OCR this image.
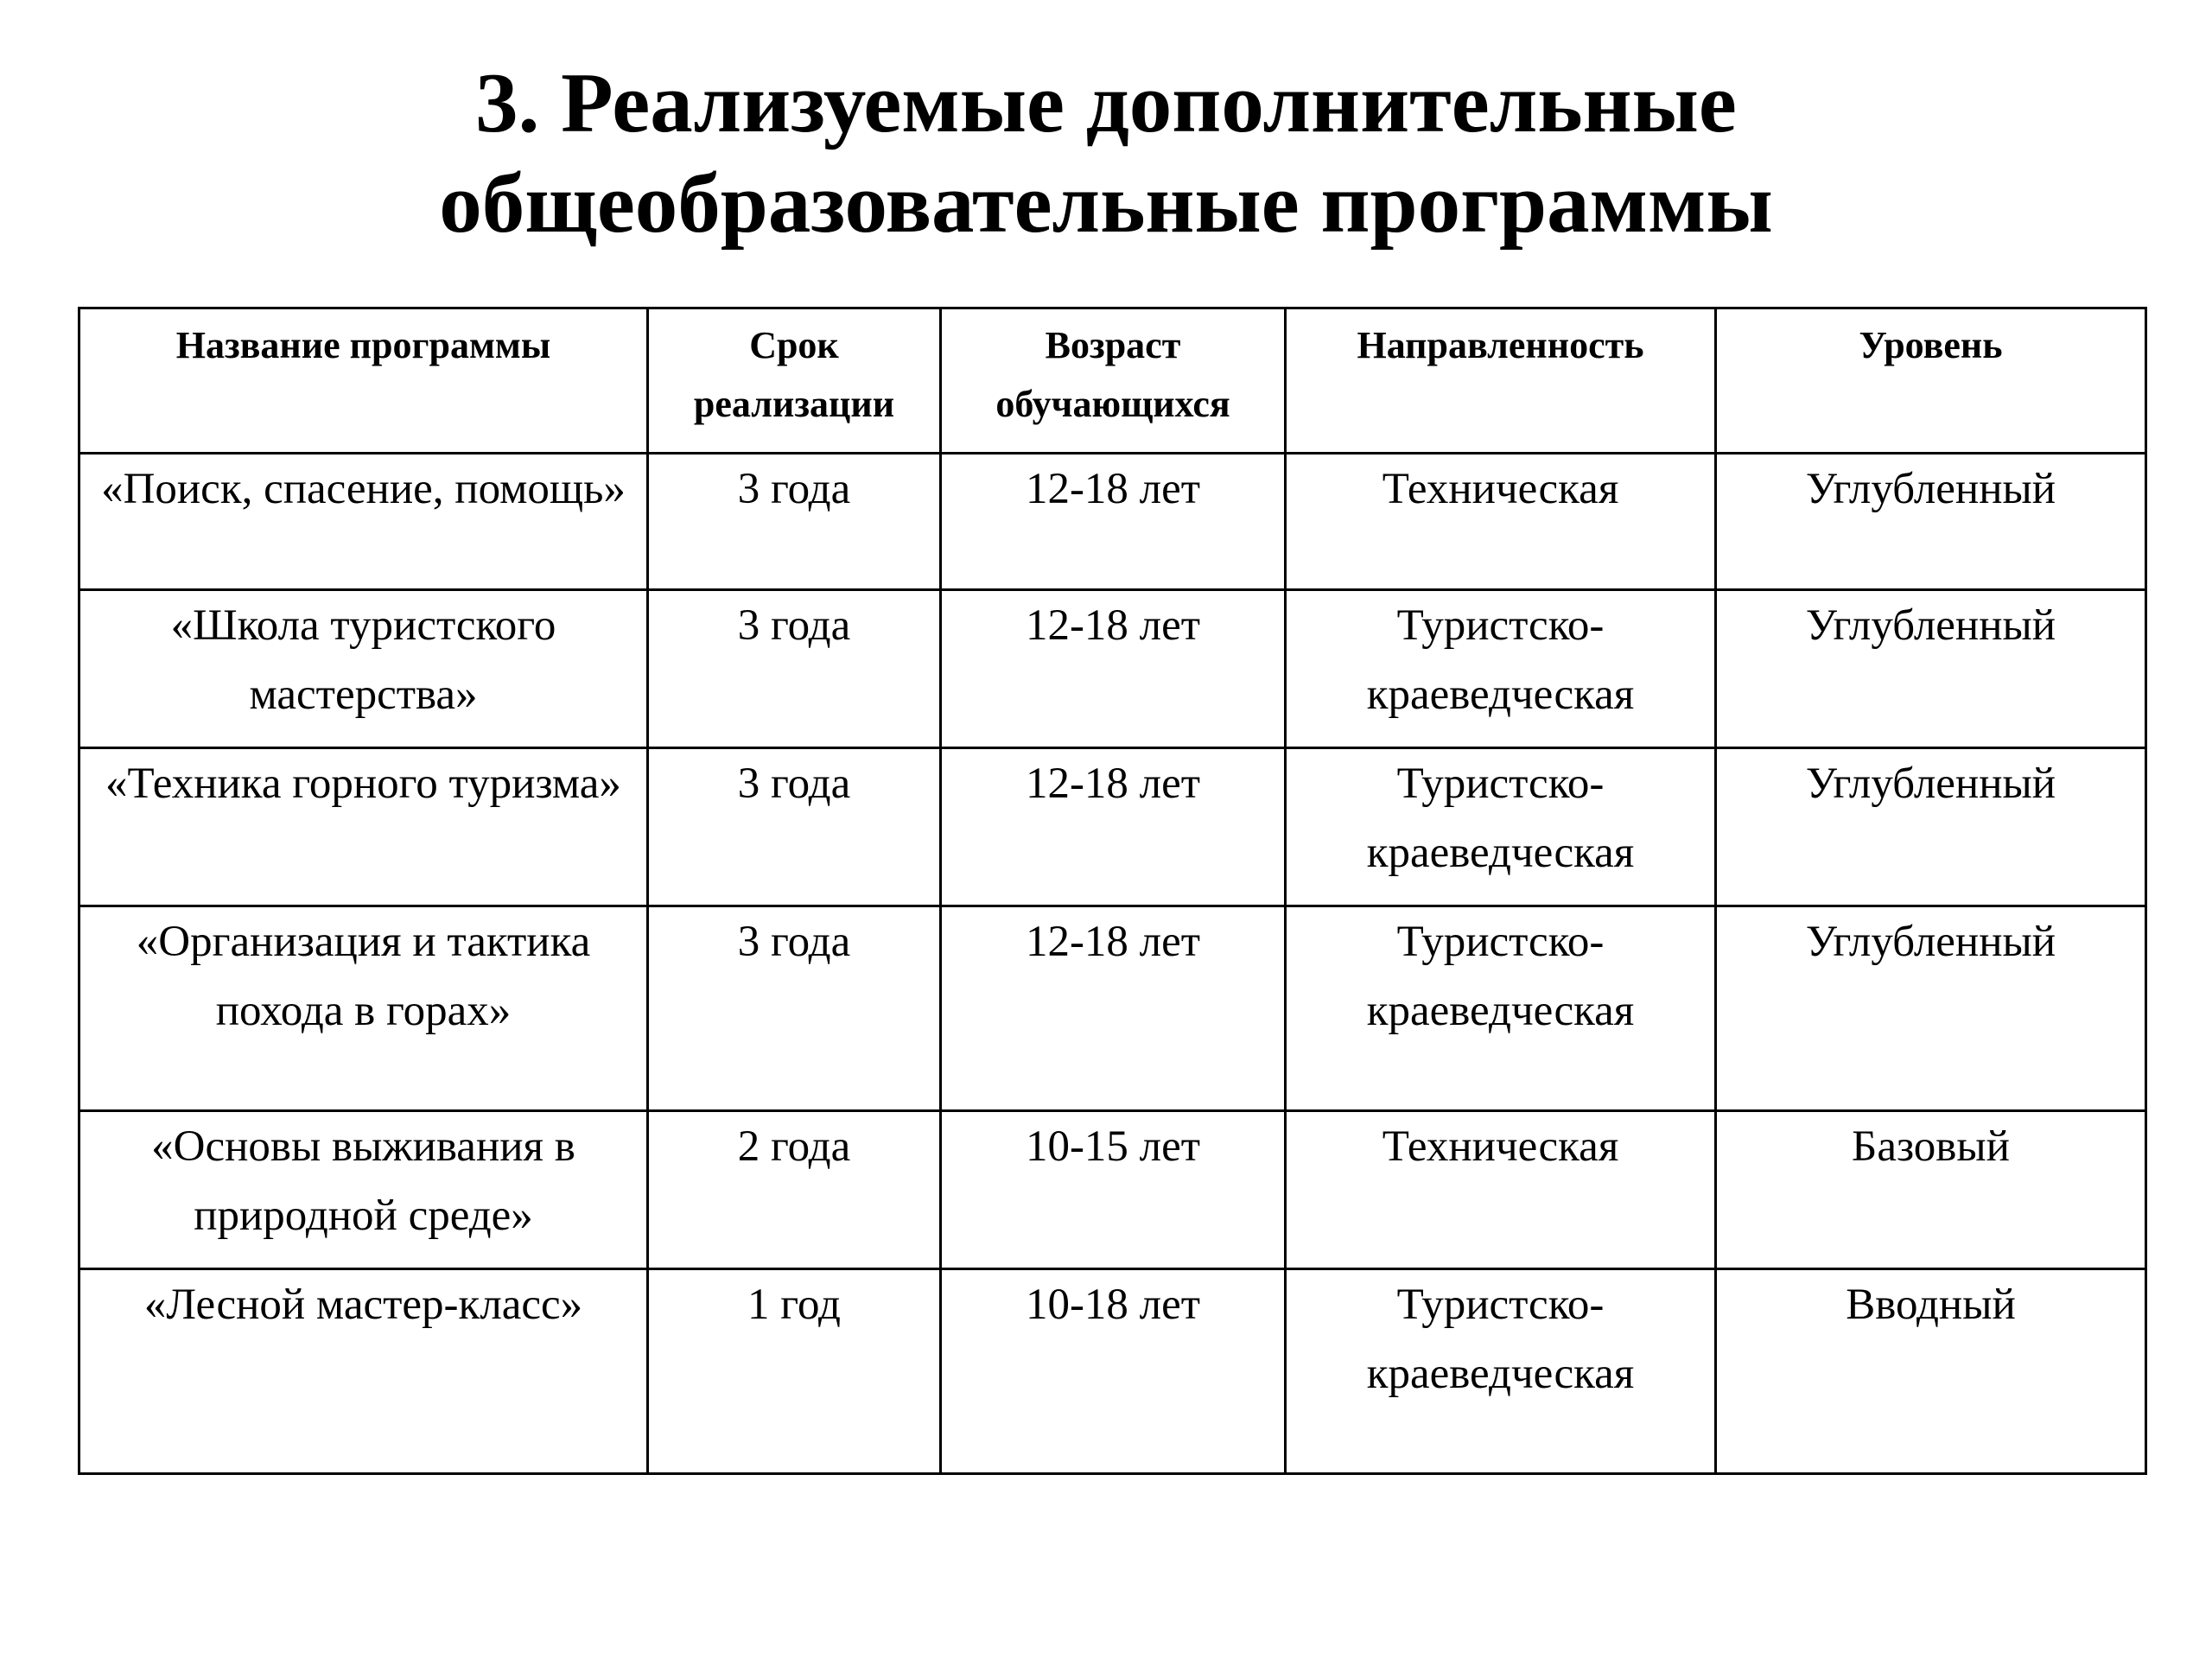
3. Реализуемые дополнительные
общеобразовательные программы
Название программы	Срок реализации	Возраст обучающихся	Направленность	Уровень
«Поиск, спасение, помощь»	3 года	12-18 лет	Техническая	Углубленный
«Школа туристского мастерства»	3 года	12-18 лет	Туристско-краеведческая	Углубленный
«Техника горного туризма»	3 года	12-18 лет	Туристско-краеведческая	Углубленный
«Организация и тактика похода в горах»	3 года	12-18 лет	Туристско-краеведческая	Углубленный
«Основы выживания в природной среде»	2 года	10-15 лет	Техническая	Базовый
«Лесной мастер-класс»	1 год	10-18 лет	Туристско-краеведческая	Вводный
